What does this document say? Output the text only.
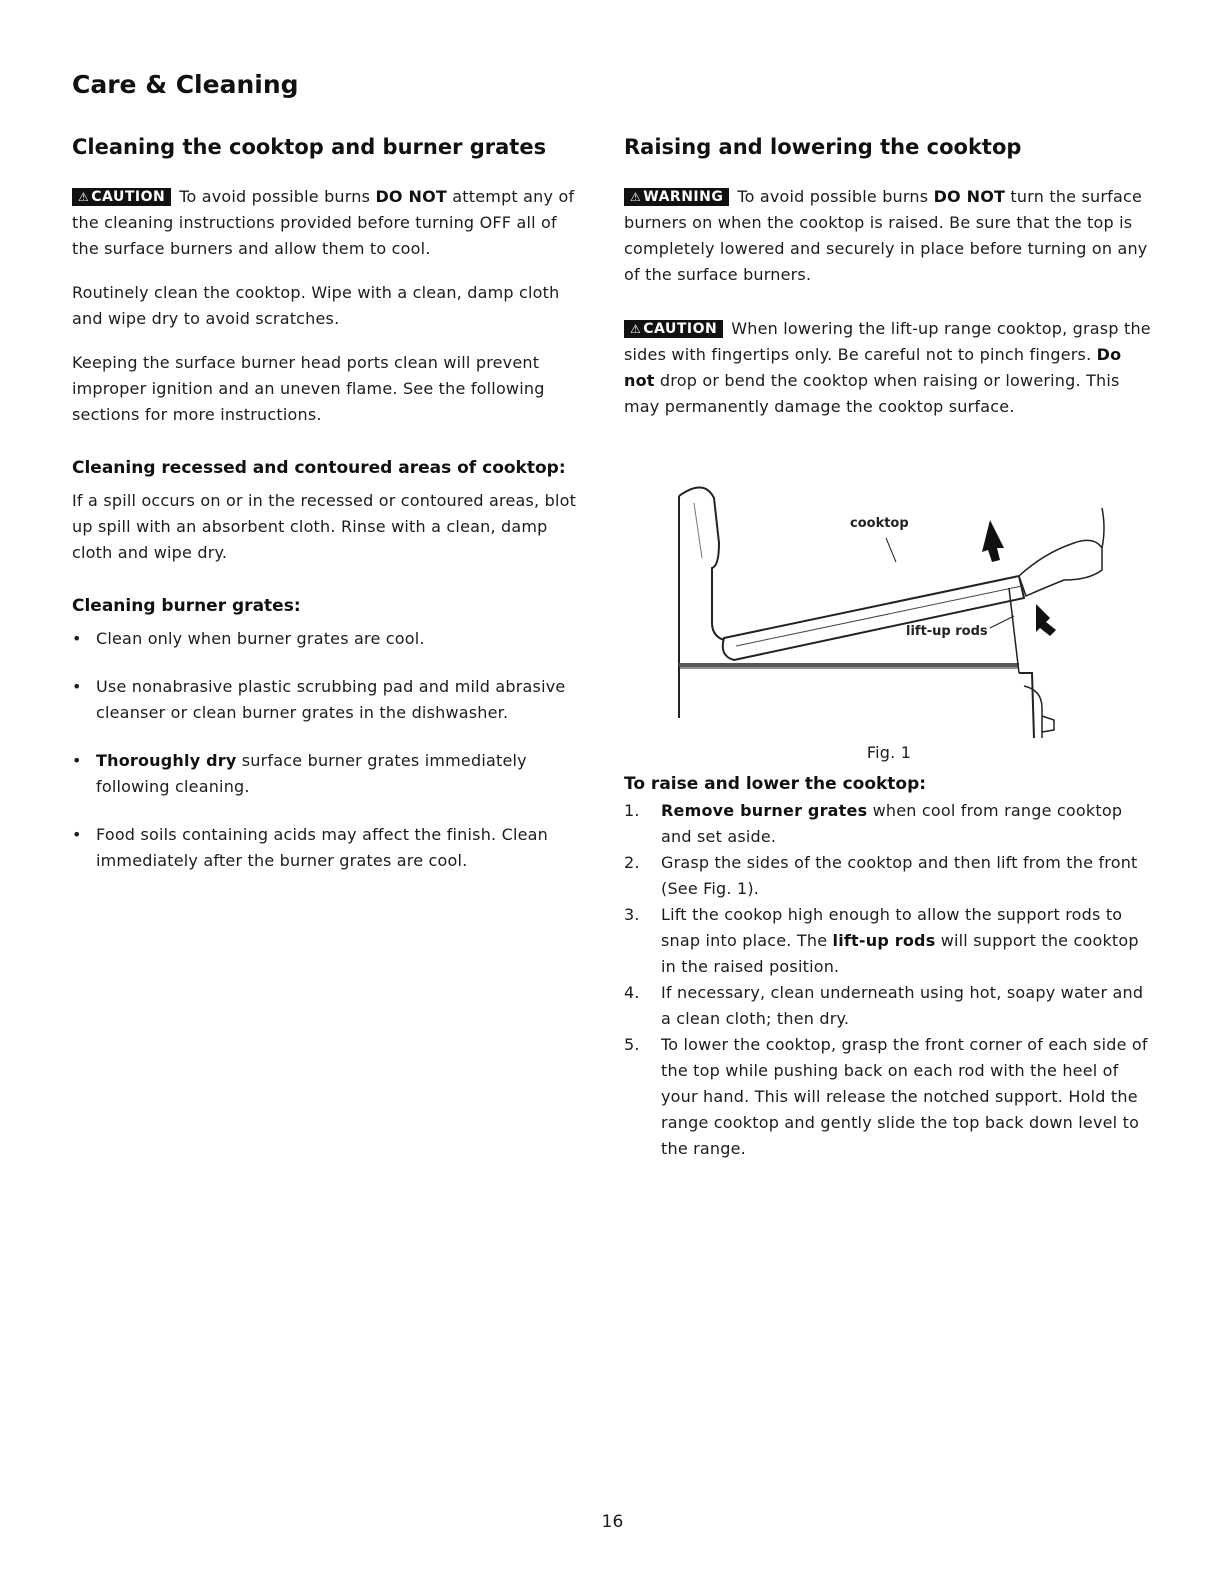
Care & Cleaning
Cleaning the cooktop and burner grates

⚠ CAUTION To avoid possible burns DO NOT attempt any of the cleaning instructions provided before turning OFF all of the surface burners and allow them to cool.

Routinely clean the cooktop. Wipe with a clean, damp cloth and wipe dry to avoid scratches.

Keeping the surface burner head ports clean will prevent improper ignition and an uneven flame. See the following sections for more instructions.

Cleaning recessed and contoured areas of cooktop:

If a spill occurs on or in the recessed or contoured areas, blot up spill with an absorbent cloth. Rinse with a clean, damp cloth and wipe dry.

Cleaning burner grates:
• Clean only when burner grates are cool.
• Use nonabrasive plastic scrubbing pad and mild abrasive cleanser or clean burner grates in the dishwasher.
• Thoroughly dry surface burner grates immediately following cleaning.
• Food soils containing acids may affect the finish. Clean immediately after the burner grates are cool.
Raising and lowering the cooktop

⚠ WARNING To avoid possible burns DO NOT turn the surface burners on when the cooktop is raised. Be sure that the top is completely lowered and securely in place before turning on any of the surface burners.

⚠ CAUTION When lowering the lift-up range cooktop, grasp the sides with fingertips only. Be careful not to pinch fingers. Do not drop or bend the cooktop when raising or lowering. This may permanently damage the cooktop surface.

cooktop
lift-up rods

Fig. 1

To raise and lower the cooktop:
1. Remove burner grates when cool from range cooktop and set aside.
2. Grasp the sides of the cooktop and then lift from the front (See Fig. 1).
3. Lift the cookop high enough to allow the support rods to snap into place. The lift-up rods will support the cooktop in the raised position.
4. If necessary, clean underneath using hot, soapy water and a clean cloth; then dry.
5. To lower the cooktop, grasp the front corner of each side of the top while pushing back on each rod with the heel of your hand. This will release the notched support. Hold the range cooktop and gently slide the top back down level to the range.
16
